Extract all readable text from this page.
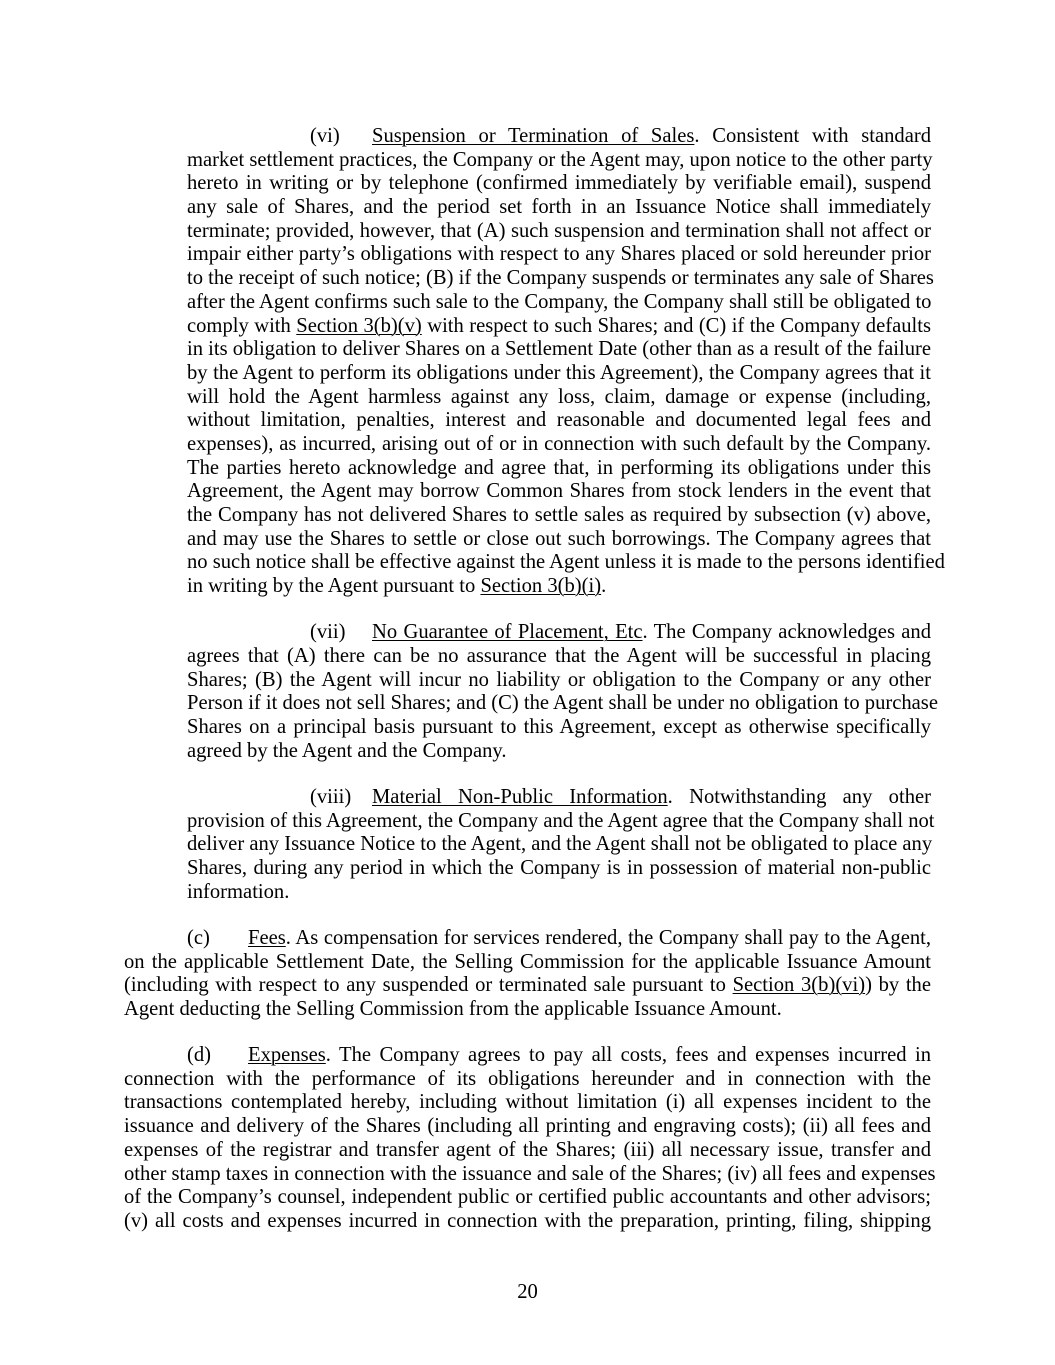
(vi) Suspension or Termination of Sales. Consistent with standard
market settlement practices, the Company or the Agent may, upon notice to the other party
hereto in writing or by telephone (confirmed immediately by verifiable email), suspend
any sale of Shares, and the period set forth in an Issuance Notice shall immediately
terminate; provided, however, that (A) such suspension and termination shall not affect or
impair either party’s obligations with respect to any Shares placed or sold hereunder prior
to the receipt of such notice; (B) if the Company suspends or terminates any sale of Shares
after the Agent confirms such sale to the Company, the Company shall still be obligated to
comply with Section 3(b)(v) with respect to such Shares; and (C) if the Company defaults
in its obligation to deliver Shares on a Settlement Date (other than as a result of the failure
by the Agent to perform its obligations under this Agreement), the Company agrees that it
will hold the Agent harmless against any loss, claim, damage or expense (including,
without limitation, penalties, interest and reasonable and documented legal fees and
expenses), as incurred, arising out of or in connection with such default by the Company.
The parties hereto acknowledge and agree that, in performing its obligations under this
Agreement, the Agent may borrow Common Shares from stock lenders in the event that
the Company has not delivered Shares to settle sales as required by subsection (v) above,
and may use the Shares to settle or close out such borrowings. The Company agrees that
no such notice shall be effective against the Agent unless it is made to the persons identified
in writing by the Agent pursuant to Section 3(b)(i).
(vii) No Guarantee of Placement, Etc. The Company acknowledges and
agrees that (A) there can be no assurance that the Agent will be successful in placing
Shares; (B) the Agent will incur no liability or obligation to the Company or any other
Person if it does not sell Shares; and (C) the Agent shall be under no obligation to purchase
Shares on a principal basis pursuant to this Agreement, except as otherwise specifically
agreed by the Agent and the Company.
(viii) Material Non-Public Information. Notwithstanding any other
provision of this Agreement, the Company and the Agent agree that the Company shall not
deliver any Issuance Notice to the Agent, and the Agent shall not be obligated to place any
Shares, during any period in which the Company is in possession of material non-public
information.
(c) Fees. As compensation for services rendered, the Company shall pay to the Agent,
on the applicable Settlement Date, the Selling Commission for the applicable Issuance Amount
(including with respect to any suspended or terminated sale pursuant to Section 3(b)(vi)) by the
Agent deducting the Selling Commission from the applicable Issuance Amount.
(d) Expenses. The Company agrees to pay all costs, fees and expenses incurred in
connection with the performance of its obligations hereunder and in connection with the
transactions contemplated hereby, including without limitation (i) all expenses incident to the
issuance and delivery of the Shares (including all printing and engraving costs); (ii) all fees and
expenses of the registrar and transfer agent of the Shares; (iii) all necessary issue, transfer and
other stamp taxes in connection with the issuance and sale of the Shares; (iv) all fees and expenses
of the Company’s counsel, independent public or certified public accountants and other advisors;
(v) all costs and expenses incurred in connection with the preparation, printing, filing, shipping
20
